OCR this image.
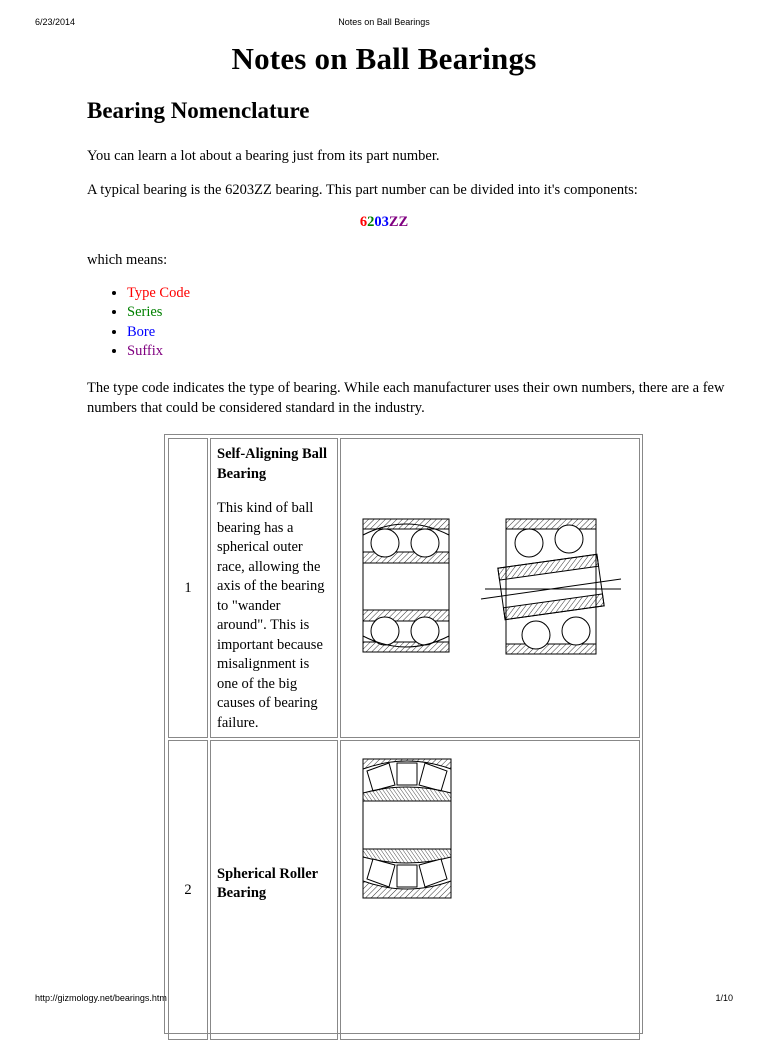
6/23/2014	Notes on Ball Bearings
Notes on Ball Bearings
Bearing Nomenclature

You can learn a lot about a bearing just from its part number.

A typical bearing is the 6203ZZ bearing. This part number can be divided into it's components:

6203ZZ

which means:

• Type Code
• Series
• Bore
• Suffix

The type code indicates the type of bearing. While each manufacturer uses their own numbers, there are a few numbers that could be considered standard in the industry.

1
Self-Aligning Ball Bearing
This kind of ball bearing has a spherical outer race, allowing the axis of the bearing to "wander around". This is important because misalignment is one of the big causes of bearing failure.
2
Spherical Roller Bearing
http://gizmology.net/bearings.htm	1/10
